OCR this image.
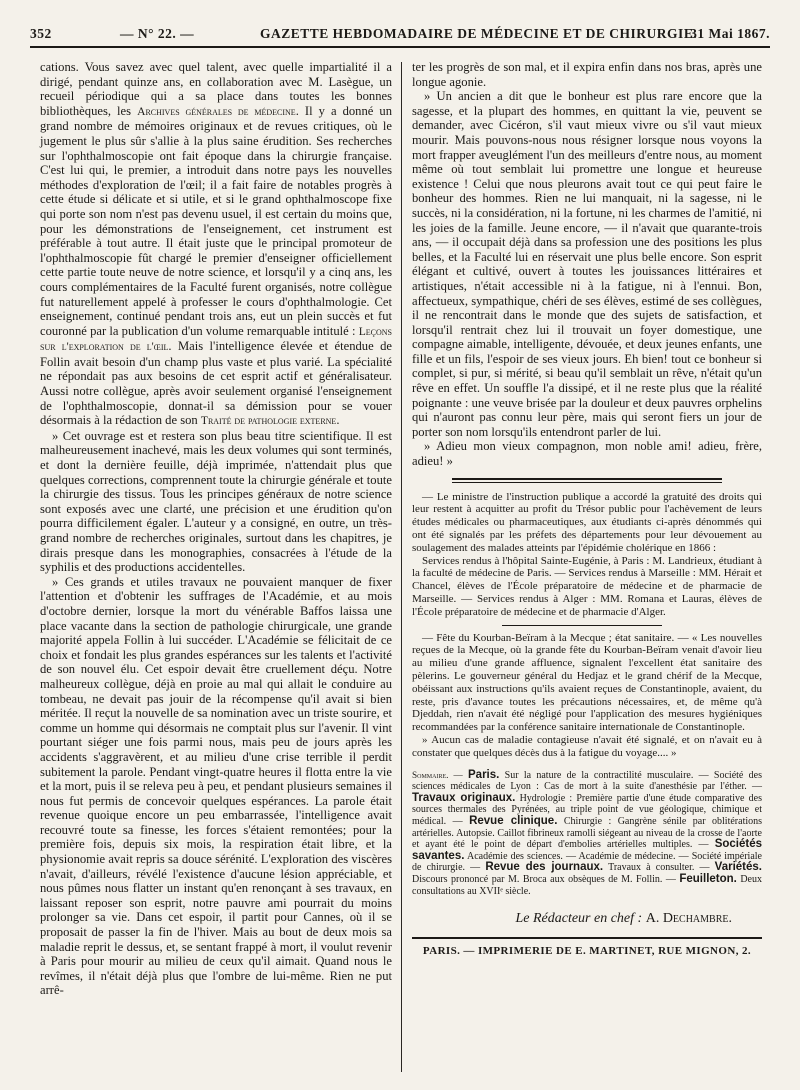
352	— N° 22. —	GAZETTE HEBDOMADAIRE DE MÉDECINE ET DE CHIRURGIE.
31 Mai 1867.

cations. Vous savez avec quel talent, avec quelle impartialité il a dirigé, pendant quinze ans, en collaboration avec M. Lasègue, un recueil périodique qui a sa place dans toutes les bonnes bibliothèques, les Archives générales de médecine. Il y a donné un grand nombre de mémoires originaux et de revues critiques, où le jugement le plus sûr s'allie à la plus saine érudition. Ses recherches sur l'ophthalmoscopie ont fait époque dans la chirurgie française. C'est lui qui, le premier, a introduit dans notre pays les nouvelles méthodes d'exploration de l'œil; il a fait faire de notables progrès à cette étude si délicate et si utile, et si le grand ophthalmoscope fixe qui porte son nom n'est pas devenu usuel, il est certain du moins que, pour les démonstrations de l'enseignement, cet instrument est préférable à tout autre. Il était juste que le principal promoteur de l'ophthalmoscopie fût chargé le premier d'enseigner officiellement cette partie toute neuve de notre science, et lorsqu'il y a cinq ans, les cours complémentaires de la Faculté furent organisés, notre collègue fut naturellement appelé à professer le cours d'ophthalmologie. Cet enseignement, continué pendant trois ans, eut un plein succès et fut couronné par la publication d'un volume remarquable intitulé : Leçons sur l'exploration de l'œil. Mais l'intelligence élevée et étendue de Follin avait besoin d'un champ plus vaste et plus varié. La spécialité ne répondait pas aux besoins de cet esprit actif et généralisateur. Aussi notre collègue, après avoir seulement organisé l'enseignement de l'ophthalmoscopie, donnat-il sa démission pour se vouer désormais à la rédaction de son Traité de pathologie externe.

» Cet ouvrage est et restera son plus beau titre scientifique. Il est malheureusement inachevé, mais les deux volumes qui sont terminés, et dont la dernière feuille, déjà imprimée, n'attendait plus que quelques corrections, comprennent toute la chirurgie générale et toute la chirurgie des tissus. Tous les principes généraux de notre science sont exposés avec une clarté, une précision et une érudition qu'on pourra difficilement égaler. L'auteur y a consigné, en outre, un très-grand nombre de recherches originales, surtout dans les chapitres, je dirais presque dans les monographies, consacrées à l'étude de la syphilis et des productions accidentelles.

» Ces grands et utiles travaux ne pouvaient manquer de fixer l'attention et d'obtenir les suffrages de l'Académie, et au mois d'octobre dernier, lorsque la mort du vénérable Baffos laissa une place vacante dans la section de pathologie chirurgicale, une grande majorité appela Follin à lui succéder. L'Académie se félicitait de ce choix et fondait les plus grandes espérances sur les talents et l'activité de son nouvel élu. Cet espoir devait être cruellement déçu. Notre malheureux collègue, déjà en proie au mal qui allait le conduire au tombeau, ne devait pas jouir de la récompense qu'il avait si bien méritée. Il reçut la nouvelle de sa nomination avec un triste sourire, et comme un homme qui désormais ne comptait plus sur l'avenir. Il vint pourtant siéger une fois parmi nous, mais peu de jours après les accidents s'aggravèrent, et au milieu d'une crise terrible il perdit subitement la parole. Pendant vingt-quatre heures il flotta entre la vie et la mort, puis il se releva peu à peu, et pendant plusieurs semaines il nous fut permis de concevoir quelques espérances. La parole était revenue quoique encore un peu embarrassée, l'intelligence avait recouvré toute sa finesse, les forces s'étaient remontées; pour la première fois, depuis six mois, la respiration était libre, et la physionomie avait repris sa douce sérénité. L'exploration des viscères n'avait, d'ailleurs, révélé l'existence d'aucune lésion appréciable, et nous pûmes nous flatter un instant qu'en renonçant à ses travaux, en laissant reposer son esprit, notre pauvre ami pourrait du moins prolonger sa vie. Dans cet espoir, il partit pour Cannes, où il se proposait de passer la fin de l'hiver. Mais au bout de deux mois sa maladie reprit le dessus, et, se sentant frappé à mort, il voulut revenir à Paris pour mourir au milieu de ceux qu'il aimait. Quand nous le revîmes, il n'était déjà plus que l'ombre de lui-même. Rien ne put arrê-

ter les progrès de son mal, et il expira enfin dans nos bras, après une longue agonie.

» Un ancien a dit que le bonheur est plus rare encore que la sagesse, et la plupart des hommes, en quittant la vie, peuvent se demander, avec Cicéron, s'il vaut mieux vivre ou s'il vaut mieux mourir. Mais pouvons-nous nous résigner lorsque nous voyons la mort frapper aveuglément l'un des meilleurs d'entre nous, au moment même où tout semblait lui promettre une longue et heureuse existence ! Celui que nous pleurons avait tout ce qui peut faire le bonheur des hommes. Rien ne lui manquait, ni la sagesse, ni le succès, ni la considération, ni la fortune, ni les charmes de l'amitié, ni les joies de la famille. Jeune encore, — il n'avait que quarante-trois ans, — il occupait déjà dans sa profession une des positions les plus belles, et la Faculté lui en réservait une plus belle encore. Son esprit élégant et cultivé, ouvert à toutes les jouissances littéraires et artistiques, n'était accessible ni à la fatigue, ni à l'ennui. Bon, affectueux, sympathique, chéri de ses élèves, estimé de ses collègues, il ne rencontrait dans le monde que des sujets de satisfaction, et lorsqu'il rentrait chez lui il trouvait un foyer domestique, une compagne aimable, intelligente, dévouée, et deux jeunes enfants, une fille et un fils, l'espoir de ses vieux jours. Eh bien! tout ce bonheur si complet, si pur, si mérité, si beau qu'il semblait un rêve, n'était qu'un rêve en effet. Un souffle l'a dissipé, et il ne reste plus que la réalité poignante : une veuve brisée par la douleur et deux pauvres orphelins qui n'auront pas connu leur père, mais qui seront fiers un jour de porter son nom lorsqu'ils entendront parler de lui.

» Adieu mon vieux compagnon, mon noble ami! adieu, frère, adieu! »

— Le ministre de l'instruction publique a accordé la gratuité des droits qui leur restent à acquitter au profit du Trésor public pour l'achèvement de leurs études médicales ou pharmaceutiques, aux étudiants ci-après dénommés qui ont été signalés par les préfets des départements pour leur dévouement au soulagement des malades atteints par l'épidémie cholérique en 1866 :

Services rendus à l'hôpital Sainte-Eugénie, à Paris : M. Landrieux, étudiant à la faculté de médecine de Paris. — Services rendus à Marseille : MM. Hérait et Chancel, élèves de l'École préparatoire de médecine et de pharmacie de Marseille. — Services rendus à Alger : MM. Romana et Lauras, élèves de l'École préparatoire de médecine et de pharmacie d'Alger.

— Fête du Kourban-Beïram à la Mecque ; état sanitaire. — « Les nouvelles reçues de la Mecque, où la grande fête du Kourban-Beïram venait d'avoir lieu au milieu d'une grande affluence, signalent l'excellent état sanitaire des pèlerins. Le gouverneur général du Hedjaz et le grand chérif de la Mecque, obéissant aux instructions qu'ils avaient reçues de Constantinople, avaient, du reste, pris d'avance toutes les précautions nécessaires, et, de même qu'à Djeddah, rien n'avait été négligé pour l'application des mesures hygiéniques recommandées par la conférence sanitaire internationale de Constantinople.

» Aucun cas de maladie contagieuse n'avait été signalé, et on n'avait eu à constater que quelques décès dus à la fatigue du voyage.... »

Sommaire. — Paris. Sur la nature de la contractilité musculaire. — Société des sciences médicales de Lyon : Cas de mort à la suite d'anesthésie par l'éther. — Travaux originaux. Hydrologie : Première partie d'une étude comparative des sources thermales des Pyrénées, au triple point de vue géologique, chimique et médical. — Revue clinique. Chirurgie : Gangrène sénile par oblitérations artérielles. Autopsie. Caillot fibrineux ramolli siégeant au niveau de la crosse de l'aorte et ayant été le point de départ d'embolies artérielles multiples. — Sociétés savantes. Académie des sciences. — Académie de médecine. — Société impériale de chirurgie. — Revue des journaux. Travaux à consulter. — Variétés. Discours prononcé par M. Broca aux obsèques de M. Follin. — Feuilleton. Deux consultations au XVIIᵉ siècle.

Le Rédacteur en chef : A. Dechambre.
PARIS. — IMPRIMERIE DE E. MARTINET, RUE MIGNON, 2.
